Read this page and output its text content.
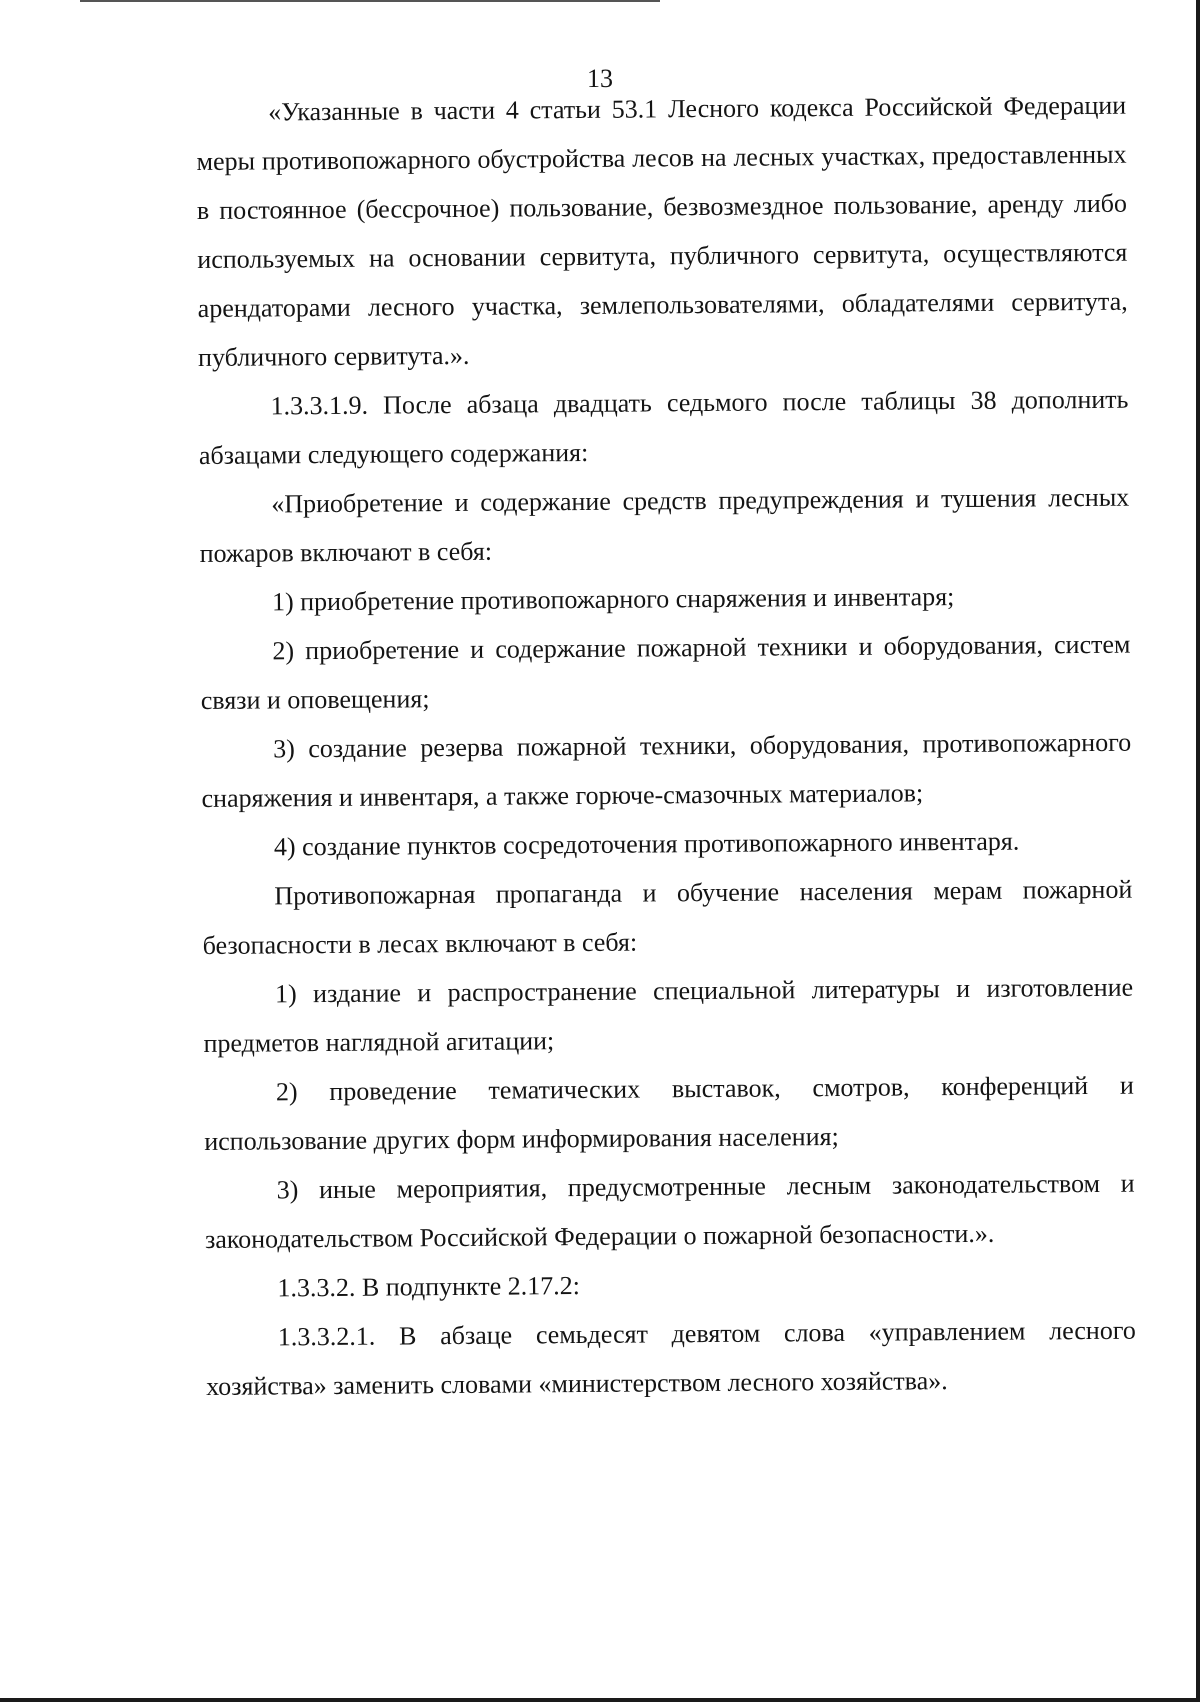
13

«Указанные в части 4 статьи 53.1 Лесного кодекса Российской Федерации меры противопожарного обустройства лесов на лесных участках, предоставленных в постоянное (бессрочное) пользование, безвозмездное пользование, аренду либо используемых на основании сервитута, публичного сервитута, осуществляются арендаторами лесного участка, землепользователями, обладателями сервитута, публичного сервитута.».

1.3.3.1.9. После абзаца двадцать седьмого после таблицы 38 дополнить абзацами следующего содержания:

«Приобретение и содержание средств предупреждения и тушения лесных пожаров включают в себя:

1) приобретение противопожарного снаряжения и инвентаря;

2) приобретение и содержание пожарной техники и оборудования, систем связи и оповещения;

3) создание резерва пожарной техники, оборудования, противопожарного снаряжения и инвентаря, а также горюче-смазочных материалов;

4) создание пунктов сосредоточения противопожарного инвентаря.

Противопожарная пропаганда и обучение населения мерам пожарной безопасности в лесах включают в себя:

1) издание и распространение специальной литературы и изготовление предметов наглядной агитации;

2) проведение тематических выставок, смотров, конференций и использование других форм информирования населения;

3) иные мероприятия, предусмотренные лесным законодательством и законодательством Российской Федерации о пожарной безопасности.».

1.3.3.2. В подпункте 2.17.2:

1.3.3.2.1. В абзаце семьдесят девятом слова «управлением лесного хозяйства» заменить словами «министерством лесного хозяйства».
